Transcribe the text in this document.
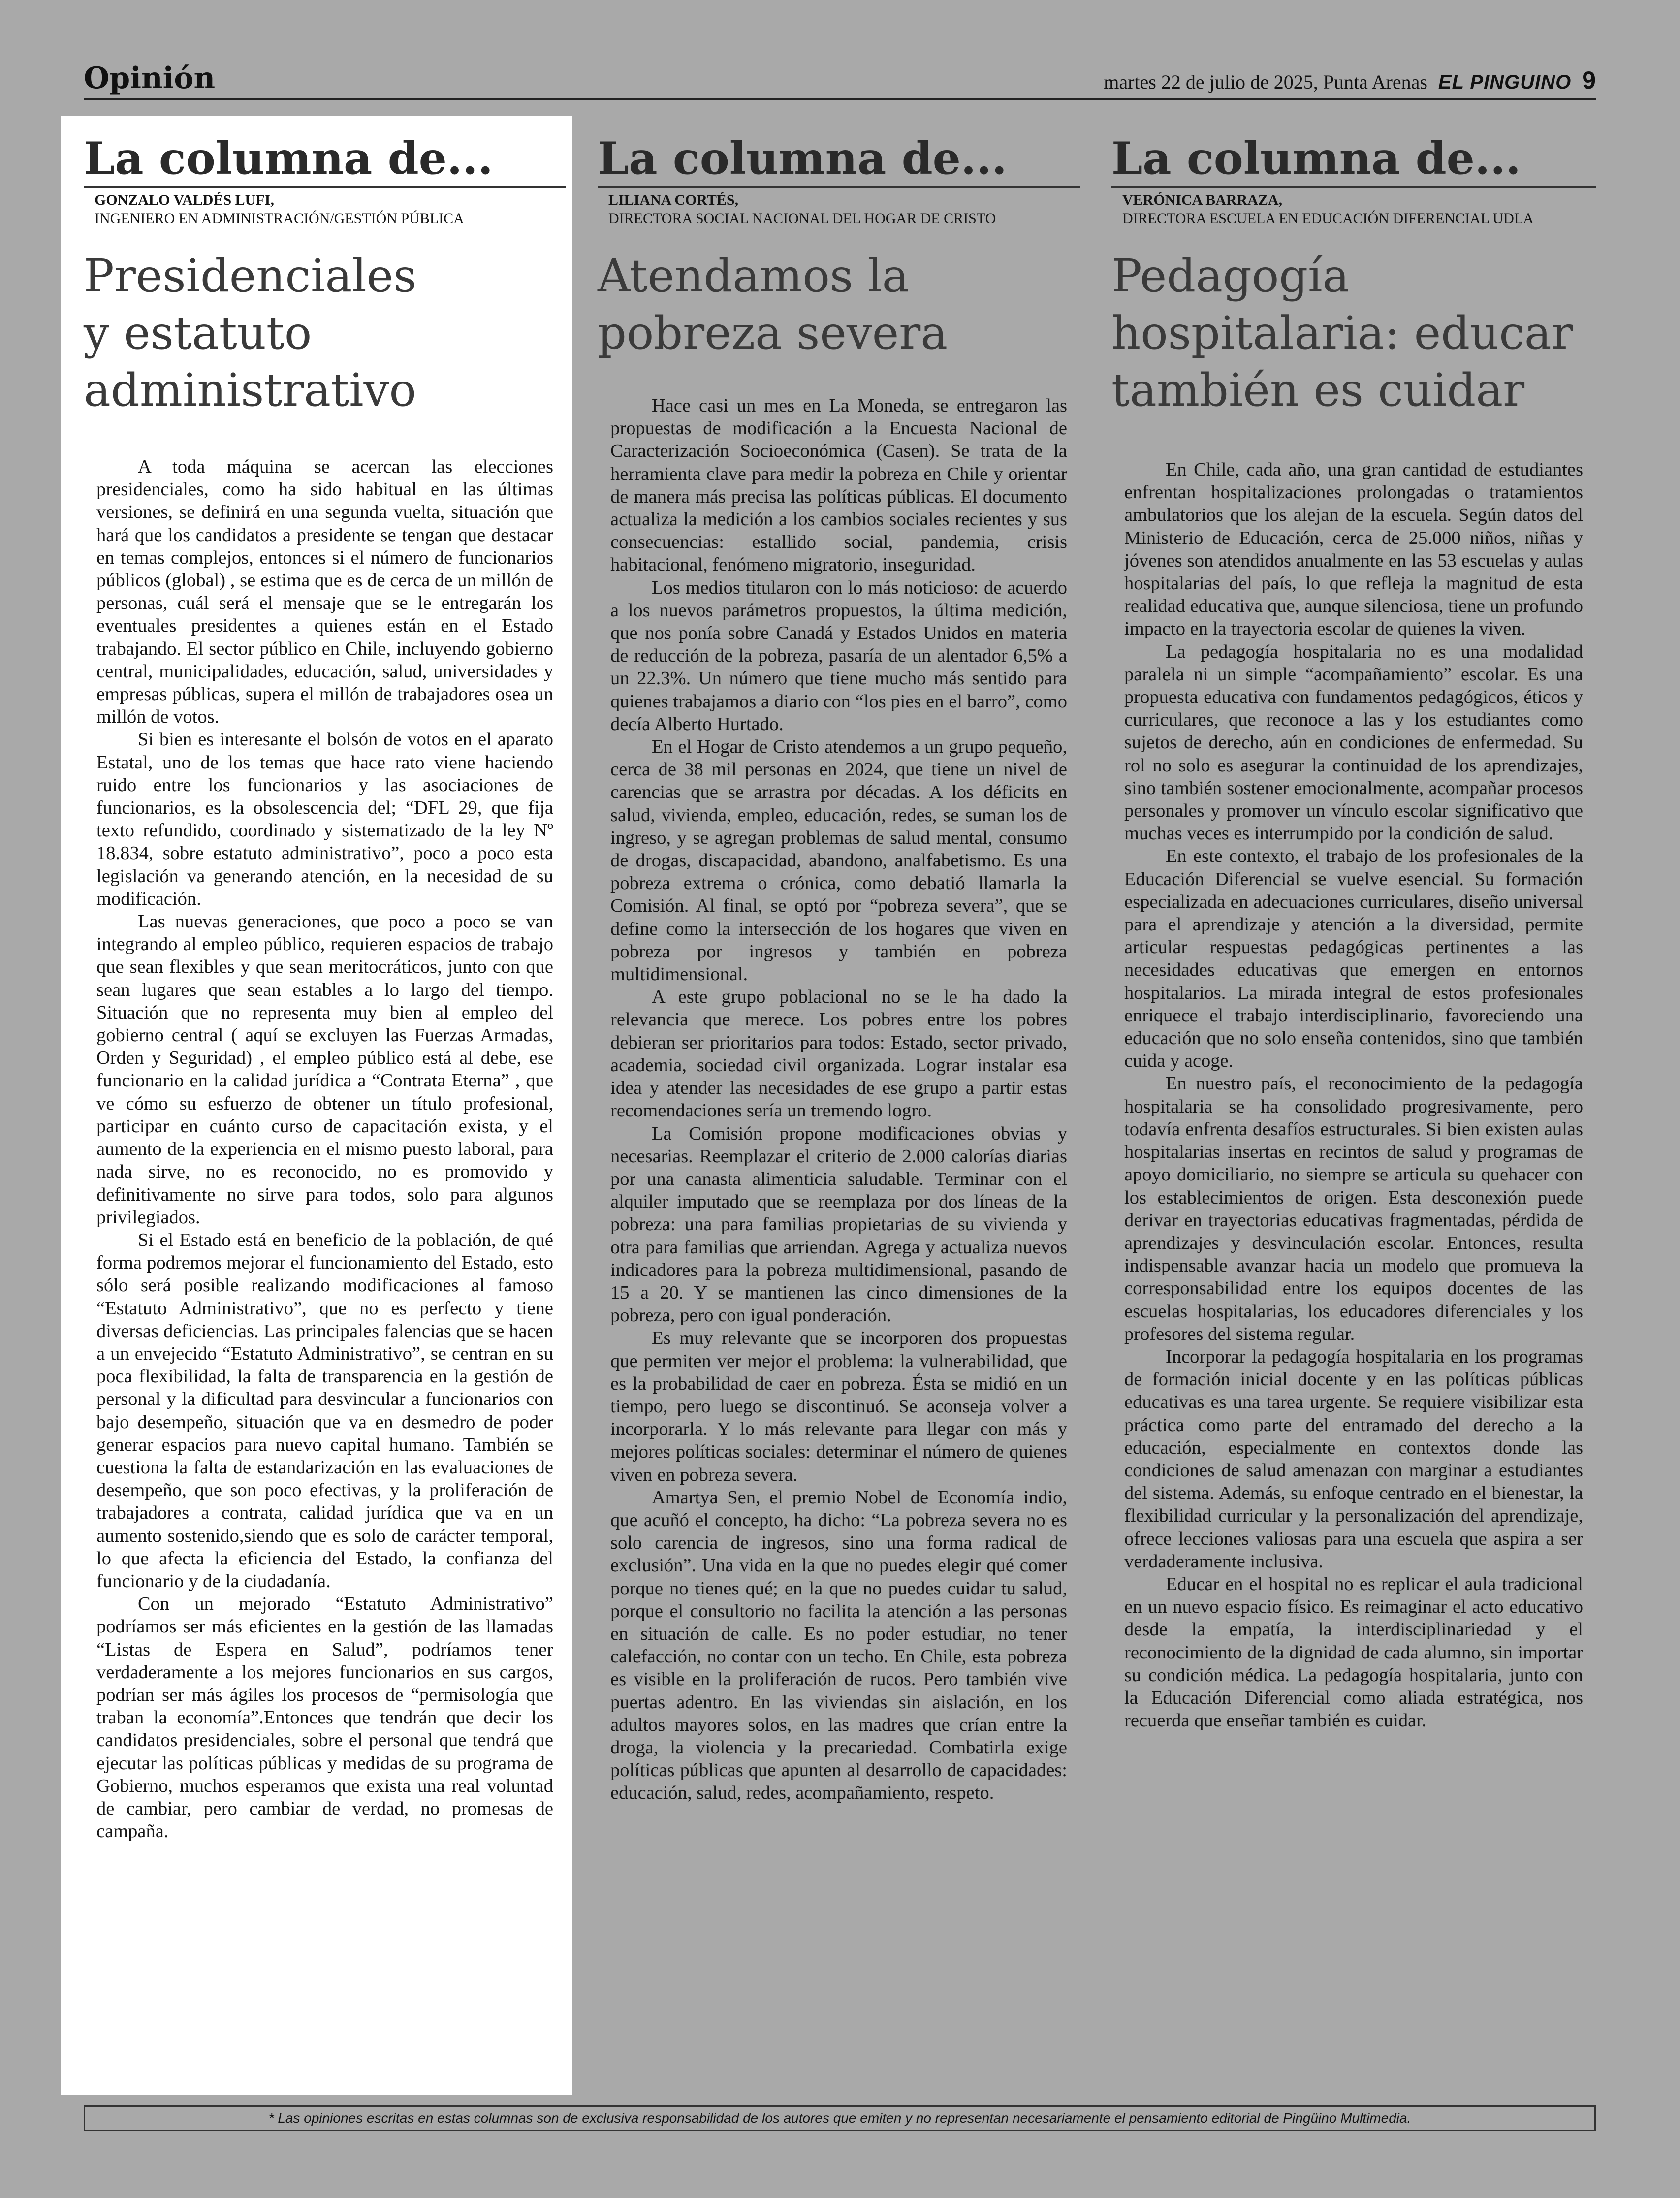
Opinión	martes 22 de julio de 2025, Punta Arenas EL PINGUINO 9
La columna de...
GONZALO VALDÉS LUFI,
INGENIERO EN ADMINISTRACIÓN/GESTIÓN PÚBLICA
Presidenciales
y estatuto
administrativo

A toda máquina se acercan las elecciones presidenciales, como ha sido habitual en las últimas versiones, se definirá en una segunda vuelta, situación que hará que los candidatos a presidente se tengan que destacar en temas complejos, entonces si el número de funcionarios públicos (global) , se estima que es de cerca de un millón de personas, cuál será el mensaje que se le entregarán los eventuales presidentes a quienes están en el Estado trabajando. El sector público en Chile, incluyendo gobierno central, municipalidades, educación, salud, universidades y empresas públicas, supera el millón de trabajadores osea un millón de votos.

Si bien es interesante el bolsón de votos en el aparato Estatal, uno de los temas que hace rato viene haciendo ruido entre los funcionarios y las asociaciones de funcionarios, es la obsolescencia del; “DFL 29, que fija texto refundido, coordinado y sistematizado de la ley Nº 18.834, sobre estatuto administrativo”, poco a poco esta legislación va generando atención, en la necesidad de su modificación.

Las nuevas generaciones, que poco a poco se van integrando al empleo público, requieren espacios de trabajo que sean flexibles y que sean meritocráticos, junto con que sean lugares que sean estables a lo largo del tiempo. Situación que no representa muy bien al empleo del gobierno central ( aquí se excluyen las Fuerzas Armadas, Orden y Seguridad) , el empleo público está al debe, ese funcionario en la calidad jurídica a “Contrata Eterna” , que ve cómo su esfuerzo de obtener un título profesional, participar en cuánto curso de capacitación exista, y el aumento de la experiencia en el mismo puesto laboral, para nada sirve, no es reconocido, no es promovido y definitivamente no sirve para todos, solo para algunos privilegiados.

Si el Estado está en beneficio de la población, de qué forma podremos mejorar el funcionamiento del Estado, esto sólo será posible realizando modificaciones al famoso “Estatuto Administrativo”, que no es perfecto y tiene diversas deficiencias. Las principales falencias que se hacen a un envejecido “Estatuto Administrativo”, se centran en su poca flexibilidad, la falta de transparencia en la gestión de personal y la dificultad para desvincular a funcionarios con bajo desempeño, situación que va en desmedro de poder generar espacios para nuevo capital humano. También se cuestiona la falta de estandarización en las evaluaciones de desempeño, que son poco efectivas, y la proliferación de trabajadores a contrata, calidad jurídica que va en un aumento sostenido,siendo que es solo de carácter temporal, lo que afecta la eficiencia del Estado, la confianza del funcionario y de la ciudadanía.

Con un mejorado “Estatuto Administrativo” podríamos ser más eficientes en la gestión de las llamadas “Listas de Espera en Salud”, podríamos tener verdaderamente a los mejores funcionarios en sus cargos, podrían ser más ágiles los procesos de “permisología que traban la economía”.Entonces que tendrán que decir los candidatos presidenciales, sobre el personal que tendrá que ejecutar las políticas públicas y medidas de su programa de Gobierno, muchos esperamos que exista una real voluntad de cambiar, pero cambiar de verdad, no promesas de campaña.

La columna de...
LILIANA CORTÉS,
DIRECTORA SOCIAL NACIONAL DEL HOGAR DE CRISTO
Atendamos la
pobreza severa

Hace casi un mes en La Moneda, se entregaron las propuestas de modificación a la Encuesta Nacional de Caracterización Socioeconómica (Casen). Se trata de la herramienta clave para medir la pobreza en Chile y orientar de manera más precisa las políticas públicas. El documento actualiza la medición a los cambios sociales recientes y sus consecuencias: estallido social, pandemia, crisis habitacional, fenómeno migratorio, inseguridad.

Los medios titularon con lo más noticioso: de acuerdo a los nuevos parámetros propuestos, la última medición, que nos ponía sobre Canadá y Estados Unidos en materia de reducción de la pobreza, pasaría de un alentador 6,5% a un 22.3%. Un número que tiene mucho más sentido para quienes trabajamos a diario con “los pies en el barro”, como decía Alberto Hurtado.

En el Hogar de Cristo atendemos a un grupo pequeño, cerca de 38 mil personas en 2024, que tiene un nivel de carencias que se arrastra por décadas. A los déficits en salud, vivienda, empleo, educación, redes, se suman los de ingreso, y se agregan problemas de salud mental, consumo de drogas, discapacidad, abandono, analfabetismo. Es una pobreza extrema o crónica, como debatió llamarla la Comisión. Al final, se optó por “pobreza severa”, que se define como la intersección de los hogares que viven en pobreza por ingresos y también en pobreza multidimensional.

A este grupo poblacional no se le ha dado la relevancia que merece. Los pobres entre los pobres debieran ser prioritarios para todos: Estado, sector privado, academia, sociedad civil organizada. Lograr instalar esa idea y atender las necesidades de ese grupo a partir estas recomendaciones sería un tremendo logro.

La Comisión propone modificaciones obvias y necesarias. Reemplazar el criterio de 2.000 calorías diarias por una canasta alimenticia saludable. Terminar con el alquiler imputado que se reemplaza por dos líneas de la pobreza: una para familias propietarias de su vivienda y otra para familias que arriendan. Agrega y actualiza nuevos indicadores para la pobreza multidimensional, pasando de 15 a 20. Y se mantienen las cinco dimensiones de la pobreza, pero con igual ponderación.

Es muy relevante que se incorporen dos propuestas que permiten ver mejor el problema: la vulnerabilidad, que es la probabilidad de caer en pobreza. Ésta se midió en un tiempo, pero luego se discontinuó. Se aconseja volver a incorporarla. Y lo más relevante para llegar con más y mejores políticas sociales: determinar el número de quienes viven en pobreza severa.

Amartya Sen, el premio Nobel de Economía indio, que acuñó el concepto, ha dicho: “La pobreza severa no es solo carencia de ingresos, sino una forma radical de exclusión”. Una vida en la que no puedes elegir qué comer porque no tienes qué; en la que no puedes cuidar tu salud, porque el consultorio no facilita la atención a las personas en situación de calle. Es no poder estudiar, no tener calefacción, no contar con un techo. En Chile, esta pobreza es visible en la proliferación de rucos. Pero también vive puertas adentro. En las viviendas sin aislación, en los adultos mayores solos, en las madres que crían entre la droga, la violencia y la precariedad. Combatirla exige políticas públicas que apunten al desarrollo de capacidades: educación, salud, redes, acompañamiento, respeto.

La columna de...
VERÓNICA BARRAZA,
DIRECTORA ESCUELA EN EDUCACIÓN DIFERENCIAL UDLA
Pedagogía
hospitalaria: educar
también es cuidar

En Chile, cada año, una gran cantidad de estudiantes enfrentan hospitalizaciones prolongadas o tratamientos ambulatorios que los alejan de la escuela. Según datos del Ministerio de Educación, cerca de 25.000 niños, niñas y jóvenes son atendidos anualmente en las 53 escuelas y aulas hospitalarias del país, lo que refleja la magnitud de esta realidad educativa que, aunque silenciosa, tiene un profundo impacto en la trayectoria escolar de quienes la viven.

La pedagogía hospitalaria no es una modalidad paralela ni un simple “acompañamiento” escolar. Es una propuesta educativa con fundamentos pedagógicos, éticos y curriculares, que reconoce a las y los estudiantes como sujetos de derecho, aún en condiciones de enfermedad. Su rol no solo es asegurar la continuidad de los aprendizajes, sino también sostener emocionalmente, acompañar procesos personales y promover un vínculo escolar significativo que muchas veces es interrumpido por la condición de salud.

En este contexto, el trabajo de los profesionales de la Educación Diferencial se vuelve esencial. Su formación especializada en adecuaciones curriculares, diseño universal para el aprendizaje y atención a la diversidad, permite articular respuestas pedagógicas pertinentes a las necesidades educativas que emergen en entornos hospitalarios. La mirada integral de estos profesionales enriquece el trabajo interdisciplinario, favoreciendo una educación que no solo enseña contenidos, sino que también cuida y acoge.

En nuestro país, el reconocimiento de la pedagogía hospitalaria se ha consolidado progresivamente, pero todavía enfrenta desafíos estructurales. Si bien existen aulas hospitalarias insertas en recintos de salud y programas de apoyo domiciliario, no siempre se articula su quehacer con los establecimientos de origen. Esta desconexión puede derivar en trayectorias educativas fragmentadas, pérdida de aprendizajes y desvinculación escolar. Entonces, resulta indispensable avanzar hacia un modelo que promueva la corresponsabilidad entre los equipos docentes de las escuelas hospitalarias, los educadores diferenciales y los profesores del sistema regular.

Incorporar la pedagogía hospitalaria en los programas de formación inicial docente y en las políticas públicas educativas es una tarea urgente. Se requiere visibilizar esta práctica como parte del entramado del derecho a la educación, especialmente en contextos donde las condiciones de salud amenazan con marginar a estudiantes del sistema. Además, su enfoque centrado en el bienestar, la flexibilidad curricular y la personalización del aprendizaje, ofrece lecciones valiosas para una escuela que aspira a ser verdaderamente inclusiva.

Educar en el hospital no es replicar el aula tradicional en un nuevo espacio físico. Es reimaginar el acto educativo desde la empatía, la interdisciplinariedad y el reconocimiento de la dignidad de cada alumno, sin importar su condición médica. La pedagogía hospitalaria, junto con la Educación Diferencial como aliada estratégica, nos recuerda que enseñar también es cuidar.

* Las opiniones escritas en estas columnas son de exclusiva responsabilidad de los autores que emiten y no representan necesariamente el pensamiento editorial de Pingüino Multimedia.
